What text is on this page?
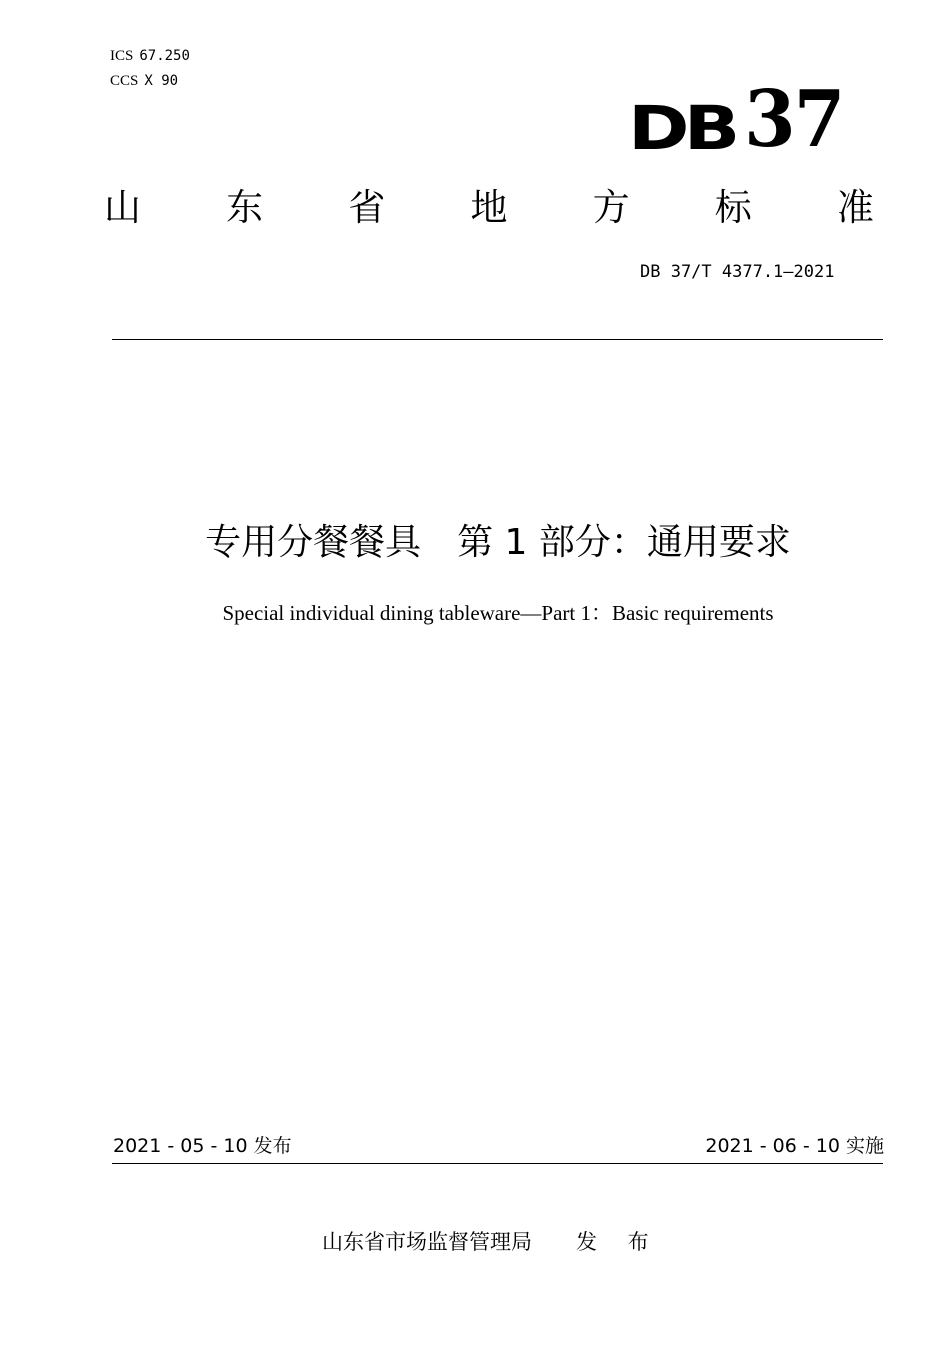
ICS 67.250
CCS X 90
DB 37
山 东 省 地 方 标 准
DB 37/T 4377.1—2021
专用分餐餐具　第 1 部分：通用要求
Special individual dining tableware—Part 1：Basic requirements
2021 - 05 - 10 发布	2021 - 06 - 10 实施
山东省市场监督管理局 发 布
